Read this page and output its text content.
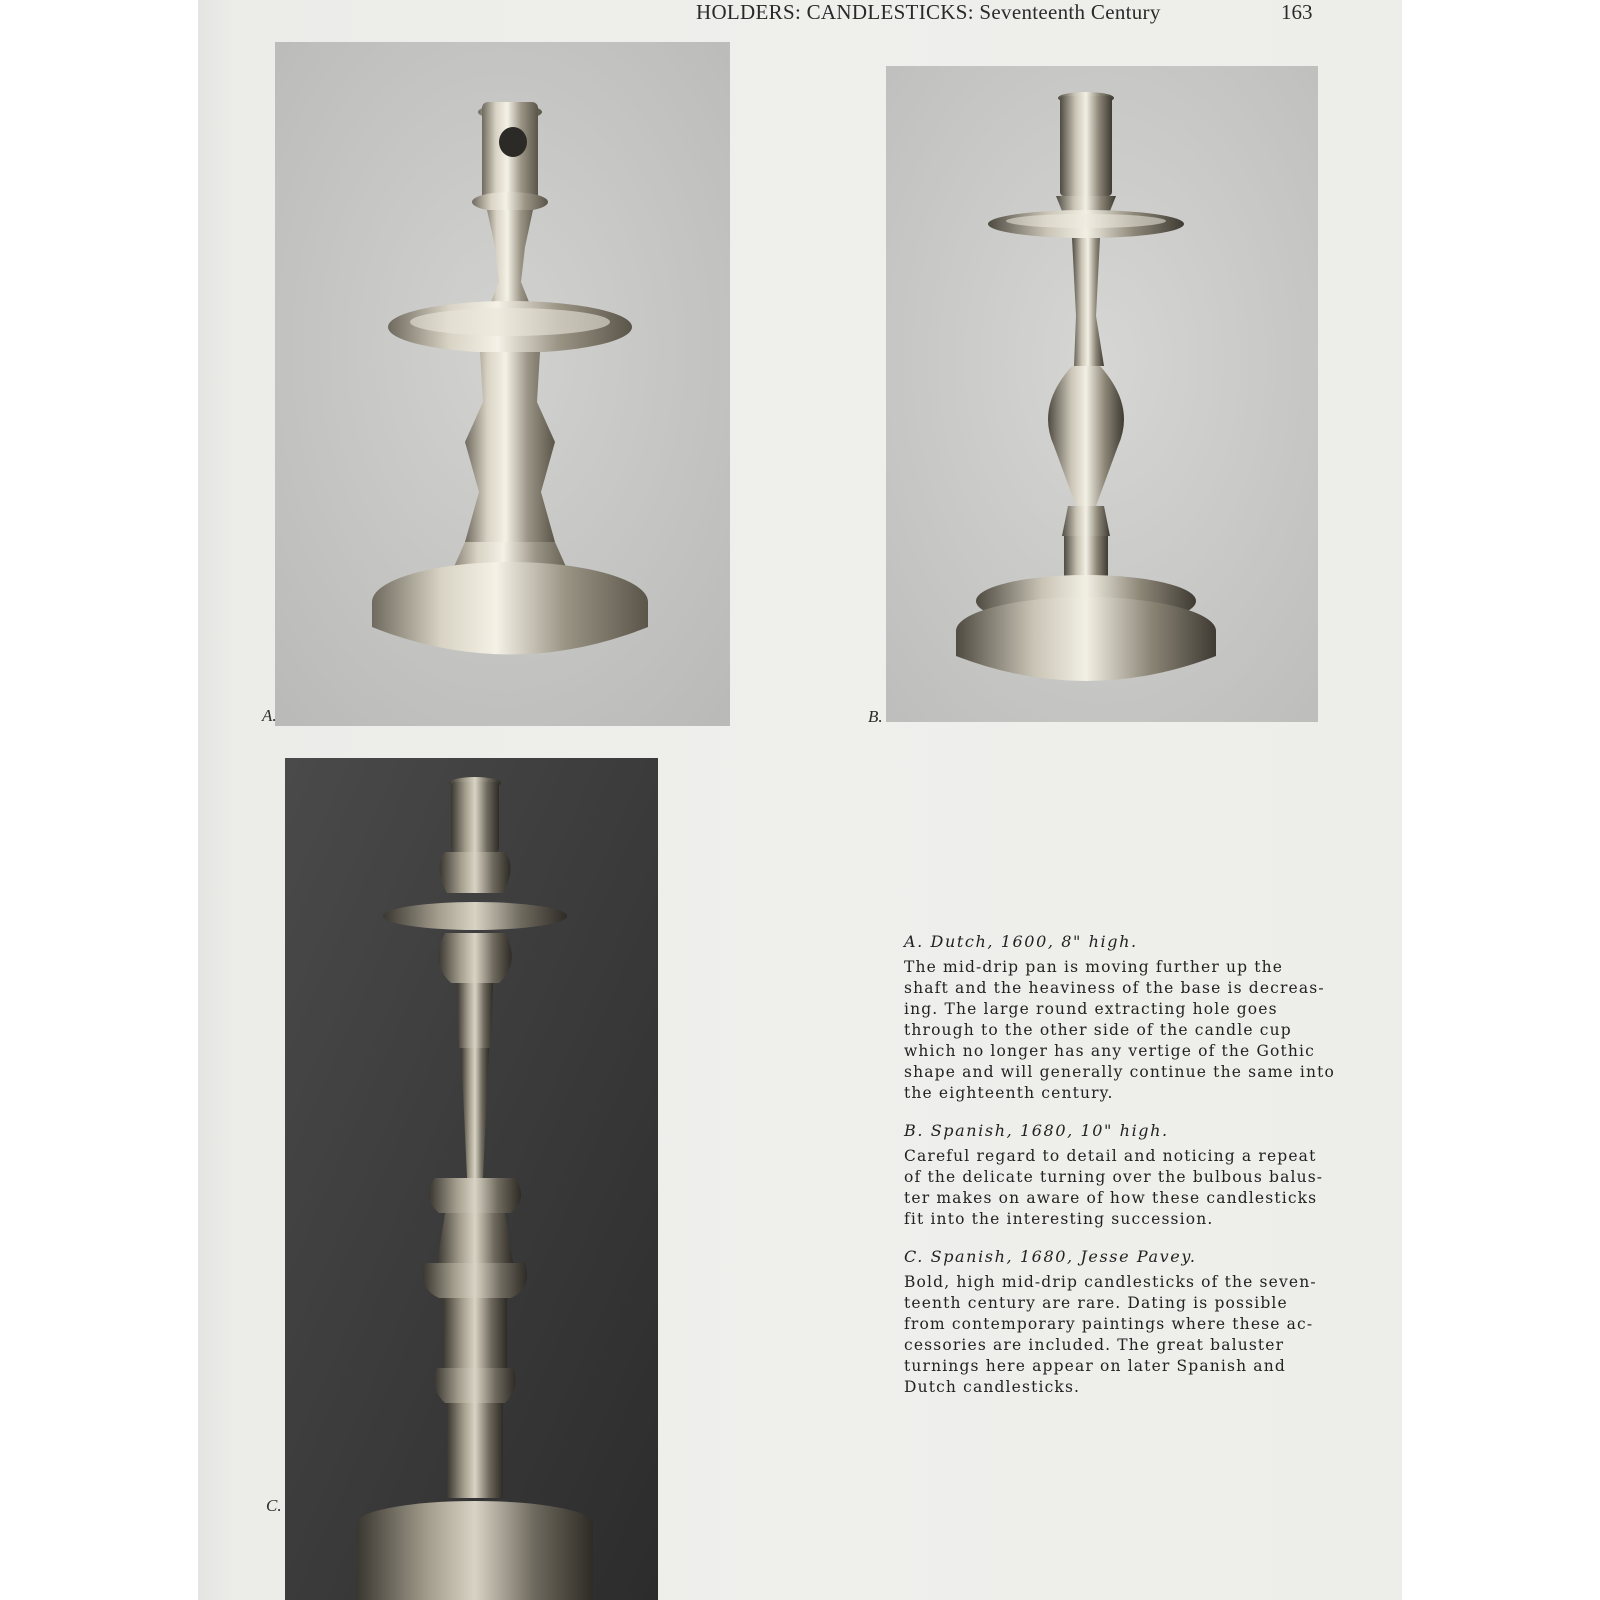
HOLDERS: CANDLESTICKS: Seventeenth Century	163
A.	B.
C.
A. Dutch, 1600, 8" high.
The mid-drip pan is moving further up the
shaft and the heaviness of the base is decreas-
ing. The large round extracting hole goes
through to the other side of the candle cup
which no longer has any vertige of the Gothic
shape and will generally continue the same into
the eighteenth century.
B. Spanish, 1680, 10" high.
Careful regard to detail and noticing a repeat
of the delicate turning over the bulbous balus-
ter makes on aware of how these candlesticks
fit into the interesting succession.
C. Spanish, 1680, Jesse Pavey.
Bold, high mid-drip candlesticks of the seven-
teenth century are rare. Dating is possible
from contemporary paintings where these ac-
cessories are included. The great baluster
turnings here appear on later Spanish and
Dutch candlesticks.
